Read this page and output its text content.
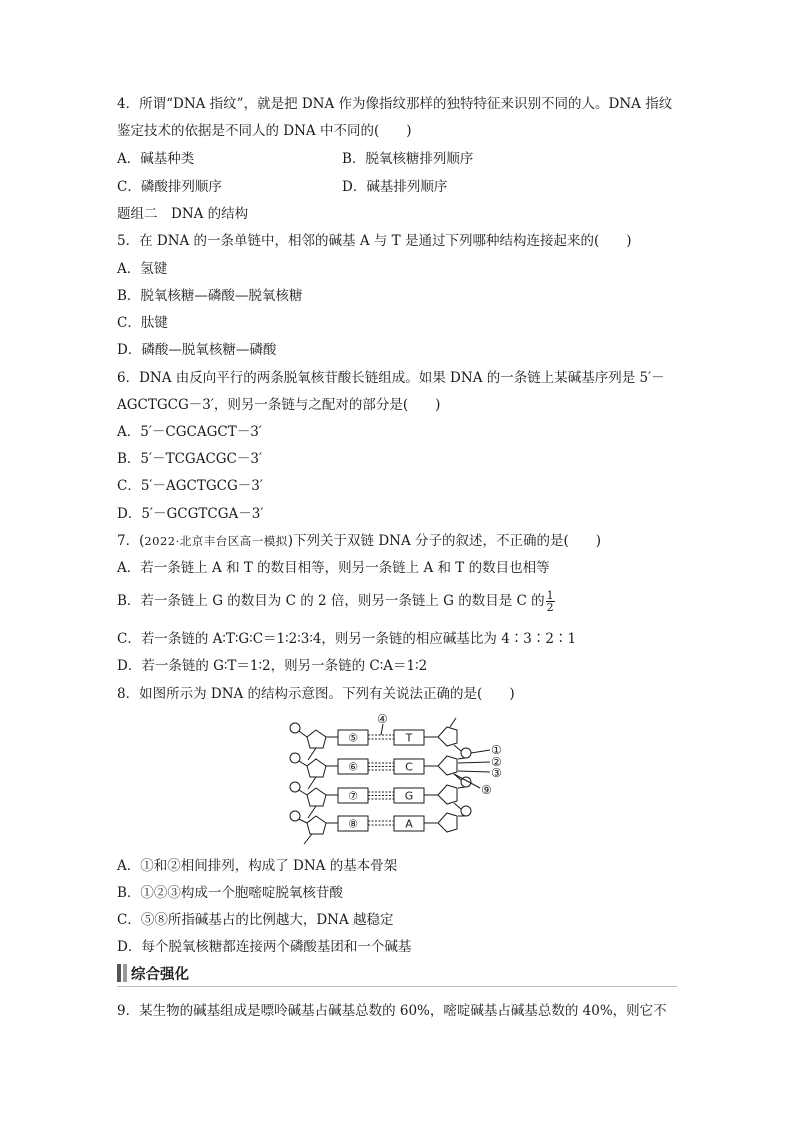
4．所谓“DNA 指纹”，就是把 DNA 作为像指纹那样的独特特征来识别不同的人。DNA 指纹
鉴定技术的依据是不同人的 DNA 中不同的(　　)
A．碱基种类	B．脱氧核糖排列顺序
C．磷酸排列顺序	D．碱基排列顺序
题组二　DNA 的结构
5．在 DNA 的一条单链中，相邻的碱基 A 与 T 是通过下列哪种结构连接起来的(　　)
A．氢键
B．脱氧核糖—磷酸—脱氧核糖
C．肽键
D．磷酸—脱氧核糖—磷酸
6．DNA 由反向平行的两条脱氧核苷酸长链组成。如果 DNA 的一条链上某碱基序列是 5′－
AGCTGCG－3′，则另一条链与之配对的部分是(　　)
A．5′－CGCAGCT－3′
B．5′－TCGACGC－3′
C．5′－AGCTGCG－3′
D．5′－GCGTCGA－3′
7．(2022·北京丰台区高一模拟)下列关于双链 DNA 分子的叙述，不正确的是(　　)
A．若一条链上 A 和 T 的数目相等，则另一条链上 A 和 T 的数目也相等
B．若一条链上 G 的数目为 C 的 2 倍，则另一条链上 G 的数目是 C 的 $\frac{1}{2}$
C．若一条链的 A∶T∶G∶C＝1∶2∶3∶4，则另一条链的相应碱基比为 4∶3∶2∶1
D．若一条链的 G∶T＝1∶2，则另一条链的 C∶A＝1∶2
8．如图所示为 DNA 的结构示意图。下列有关说法正确的是(　　)
⑤
⑥
⑦
⑧
T
C
G
A
①
②
③
④
⑨
A．①和②相间排列，构成了 DNA 的基本骨架
B．①②③构成一个胞嘧啶脱氧核苷酸
C．⑤⑧所指碱基占的比例越大，DNA 越稳定
D．每个脱氧核糖都连接两个磷酸基团和一个碱基
综合强化
9．某生物的碱基组成是嘌呤碱基占碱基总数的 60%，嘧啶碱基占碱基总数的 40%，则它不
